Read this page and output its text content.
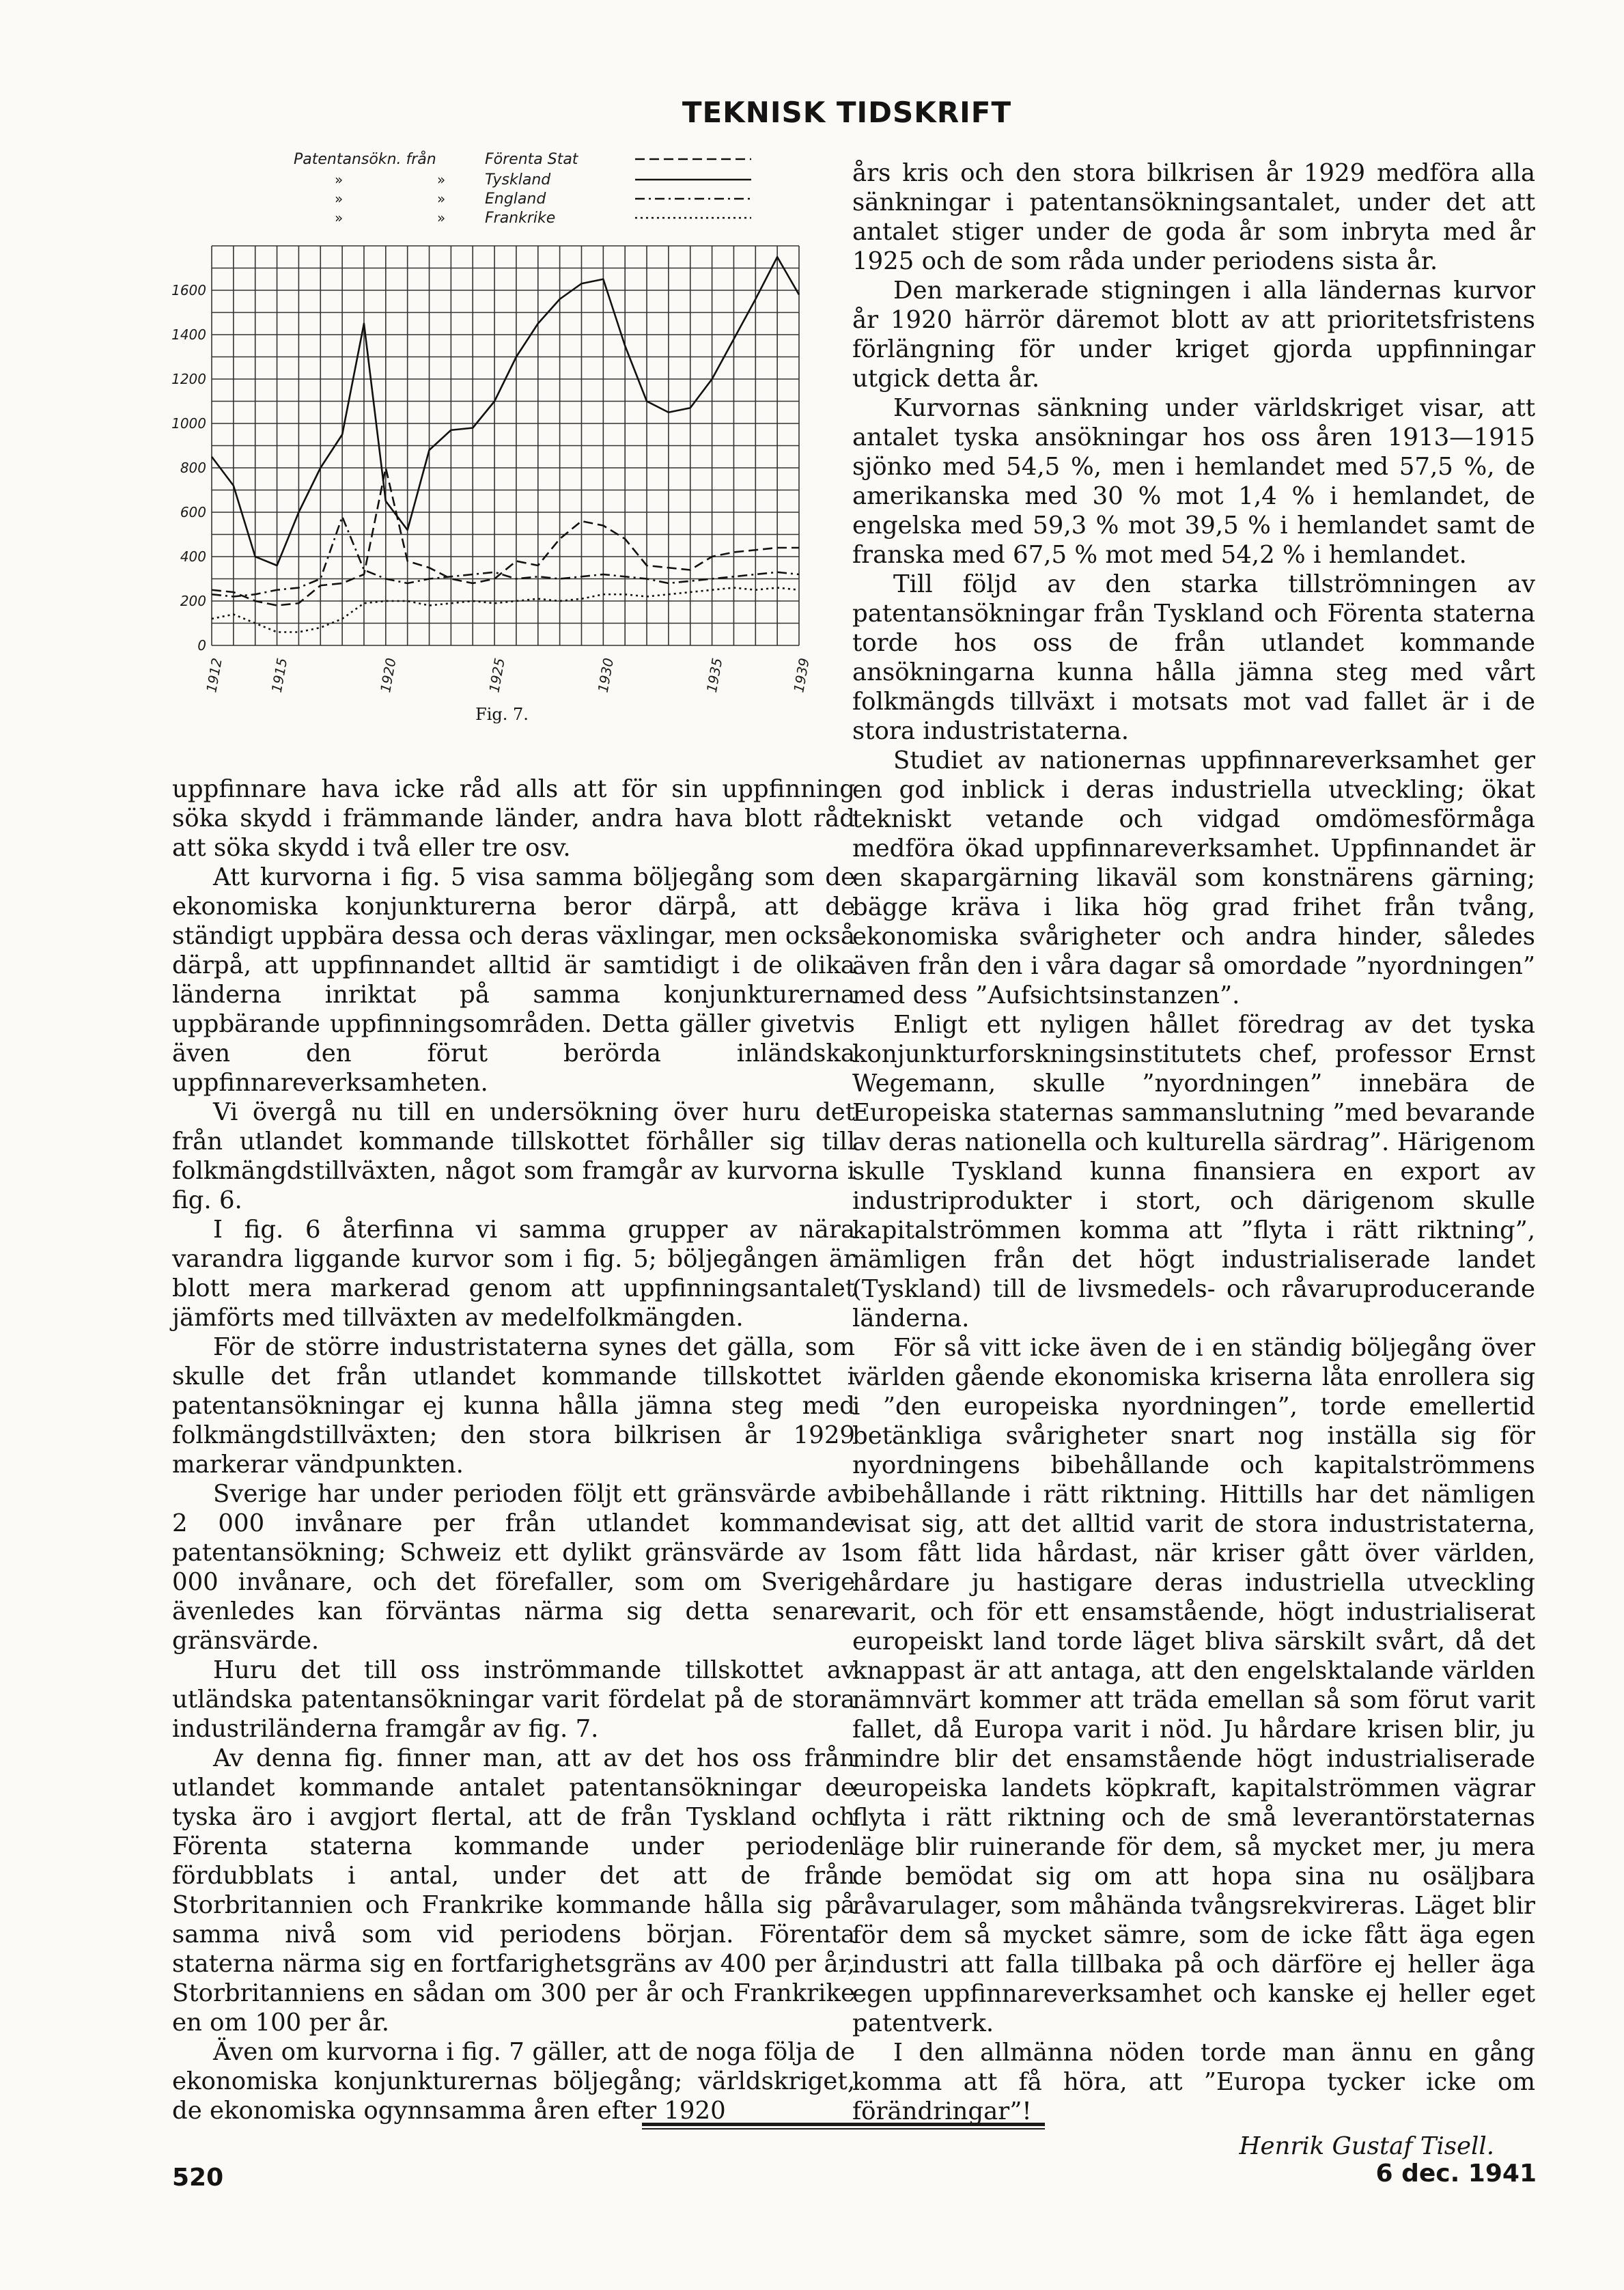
TEKNISK TIDSKRIFT
0
200
400
600
800
1000
1200
1400
1600
1912	1915	1920	1925	1930	1935	1939
Patentansökn. från	Förenta Stat
»	»	Tyskland
»	»	England
»	»	Frankrike
Fig. 7.

uppfinnare hava icke råd alls att för sin uppfinning söka skydd i främmande länder, andra hava blott råd att söka skydd i två eller tre osv.

Att kurvorna i fig. 5 visa samma böljegång som de ekonomiska konjunkturerna beror därpå, att de ständigt uppbära dessa och deras växlingar, men också därpå, att uppfinnandet alltid är samtidigt i de olika länderna inriktat på samma konjunkturerna uppbärande uppfinningsområden. Detta gäller givetvis även den förut berörda inländska uppfinnareverksamheten.

Vi övergå nu till en undersökning över huru det från utlandet kommande tillskottet förhåller sig till folkmängdstillväxten, något som framgår av kurvorna i fig. 6.

I fig. 6 återfinna vi samma grupper av nära varandra liggande kurvor som i fig. 5; böljegången är blott mera markerad genom att uppfinningsantalet jämförts med tillväxten av medelfolkmängden.

För de större industristaterna synes det gälla, som skulle det från utlandet kommande tillskottet i patentansökningar ej kunna hålla jämna steg med folkmängdstillväxten; den stora bilkrisen år 1929 markerar vändpunkten.

Sverige har under perioden följt ett gränsvärde av 2 000 invånare per från utlandet kommande patentansökning; Schweiz ett dylikt gränsvärde av 1 000 invånare, och det förefaller, som om Sverige ävenledes kan förväntas närma sig detta senare gränsvärde.

Huru det till oss inströmmande tillskottet av utländska patentansökningar varit fördelat på de stora industriländerna framgår av fig. 7.

Av denna fig. finner man, att av det hos oss från utlandet kommande antalet patentansökningar de tyska äro i avgjort flertal, att de från Tyskland och Förenta staterna kommande under perioden fördubblats i antal, under det att de från Storbritannien och Frankrike kommande hålla sig på samma nivå som vid periodens början. Förenta staterna närma sig en fortfarighetsgräns av 400 per år, Storbritanniens en sådan om 300 per år och Frankrike en om 100 per år.

Även om kurvorna i fig. 7 gäller, att de noga följa de ekonomiska konjunkturernas böljegång; världskriget, de ekonomiska ogynnsamma åren efter 1920

års kris och den stora bilkrisen år 1929 medföra alla sänkningar i patentansökningsantalet, under det att antalet stiger under de goda år som inbryta med år 1925 och de som råda under periodens sista år.

Den markerade stigningen i alla ländernas kurvor år 1920 härrör däremot blott av att prioritetsfristens förlängning för under kriget gjorda uppfinningar utgick detta år.

Kurvornas sänkning under världskriget visar, att antalet tyska ansökningar hos oss åren 1913—1915 sjönko med 54,5 %, men i hemlandet med 57,5 %, de amerikanska med 30 % mot 1,4 % i hemlandet, de engelska med 59,3 % mot 39,5 % i hemlandet samt de franska med 67,5 % mot med 54,2 % i hemlandet.

Till följd av den starka tillströmningen av patentansökningar från Tyskland och Förenta staterna torde hos oss de från utlandet kommande ansökningarna kunna hålla jämna steg med vårt folkmängds tillväxt i motsats mot vad fallet är i de stora industristaterna.

Studiet av nationernas uppfinnareverksamhet ger en god inblick i deras industriella utveckling; ökat tekniskt vetande och vidgad omdömesförmåga medföra ökad uppfinnareverksamhet. Uppfinnandet är en skapargärning likaväl som konstnärens gärning; bägge kräva i lika hög grad frihet från tvång, ekonomiska svårigheter och andra hinder, således även från den i våra dagar så omordade ”nyordningen” med dess ”Aufsichtsinstanzen”.

Enligt ett nyligen hållet föredrag av det tyska konjunkturforskningsinstitutets chef, professor Ernst Wegemann, skulle ”nyordningen” innebära de Europeiska staternas sammanslutning ”med bevarande av deras nationella och kulturella särdrag”. Härigenom skulle Tyskland kunna finansiera en export av industriprodukter i stort, och därigenom skulle kapitalströmmen komma att ”flyta i rätt riktning”, nämligen från det högt industrialiserade landet (Tyskland) till de livsmedels- och råvaruproducerande länderna.

För så vitt icke även de i en ständig böljegång över världen gående ekonomiska kriserna låta enrollera sig i ”den europeiska nyordningen”, torde emellertid betänkliga svårigheter snart nog inställa sig för nyordningens bibehållande och kapitalströmmens bibehållande i rätt riktning. Hittills har det nämligen visat sig, att det alltid varit de stora industristaterna, som fått lida hårdast, när kriser gått över världen, hårdare ju hastigare deras industriella utveckling varit, och för ett ensamstående, högt industrialiserat europeiskt land torde läget bliva särskilt svårt, då det knappast är att antaga, att den engelsktalande världen nämnvärt kommer att träda emellan så som förut varit fallet, då Europa varit i nöd. Ju hårdare krisen blir, ju mindre blir det ensamstående högt industrialiserade europeiska landets köpkraft, kapitalströmmen vägrar flyta i rätt riktning och de små leverantörstaternas läge blir ruinerande för dem, så mycket mer, ju mera de bemödat sig om att hopa sina nu osäljbara råvarulager, som måhända tvångsrekvireras. Läget blir för dem så mycket sämre, som de icke fått äga egen industri att falla tillbaka på och därföre ej heller äga egen uppfinnareverksamhet och kanske ej heller eget patentverk.

I den allmänna nöden torde man ännu en gång komma att få höra, att ”Europa tycker icke om förändringar”!

Henrik Gustaf Tisell.
520	6 dec. 1941
